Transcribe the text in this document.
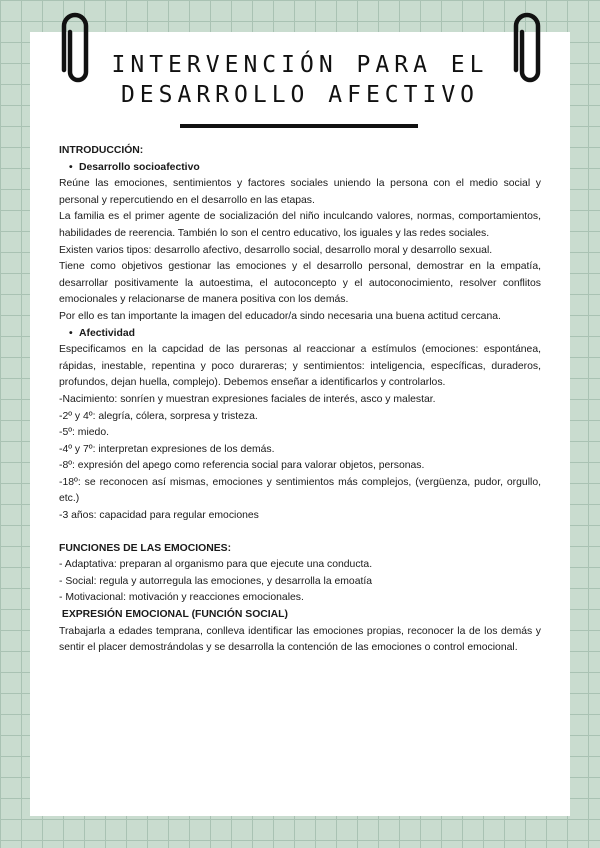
INTERVENCIÓN PARA EL
DESARROLLO AFECTIVO

INTRODUCCIÓN:

• Desarrollo socioafectivo

Reúne las emociones, sentimientos y factores sociales uniendo la persona con el medio social y personal y repercutiendo en el desarrollo en las etapas.

La familia es el primer agente de socialización del niño inculcando valores, normas, comportamientos, habilidades de reerencia. También lo son el centro educativo, los iguales y las redes sociales.

Existen varios tipos: desarrollo afectivo, desarrollo social, desarrollo moral y desarrollo sexual.

Tiene como objetivos gestionar las emociones y el desarrollo personal, demostrar en la empatía, desarrollar positivamente la autoestima, el autoconcepto y el autoconocimiento, resolver conflitos emocionales y relacionarse de manera positiva con los demás.

Por ello es tan importante la imagen del educador/a sindo necesaria una buena actitud cercana.

• Afectividad

Especificamos en la capcidad de las personas al reaccionar a estímulos (emociones: espontánea, rápidas, inestable, repentina y poco durareras; y sentimientos: inteligencia, específicas, duraderos, profundos, dejan huella, complejo). Debemos enseñar a identificarlos y controlarlos.

-Nacimiento: sonríen y muestran expresiones faciales de interés, asco y malestar.

-2º y 4º: alegría, cólera, sorpresa y tristeza.

-5º: miedo.

-4º y 7º: interpretan expresiones de los demás.

-8º: expresión del apego como referencia social para valorar objetos, personas.

-18º: se reconocen así mismas, emociones y sentimientos más complejos, (vergüenza, pudor, orgullo, etc.)

-3 años: capacidad para regular emociones

FUNCIONES DE LAS EMOCIONES:

- Adaptativa: preparan al organismo para que ejecute una conducta.

- Social: regula y autorregula las emociones, y desarrolla la emoatía

- Motivacional: motivación y reacciones emocionales.

EXPRESIÓN EMOCIONAL (FUNCIÓN SOCIAL)

Trabajarla a edades temprana, conlleva identificar las emociones propias, reconocer la de los demás y sentir el placer demostrándolas y se desarrolla la contención de las emociones o control emocional.
